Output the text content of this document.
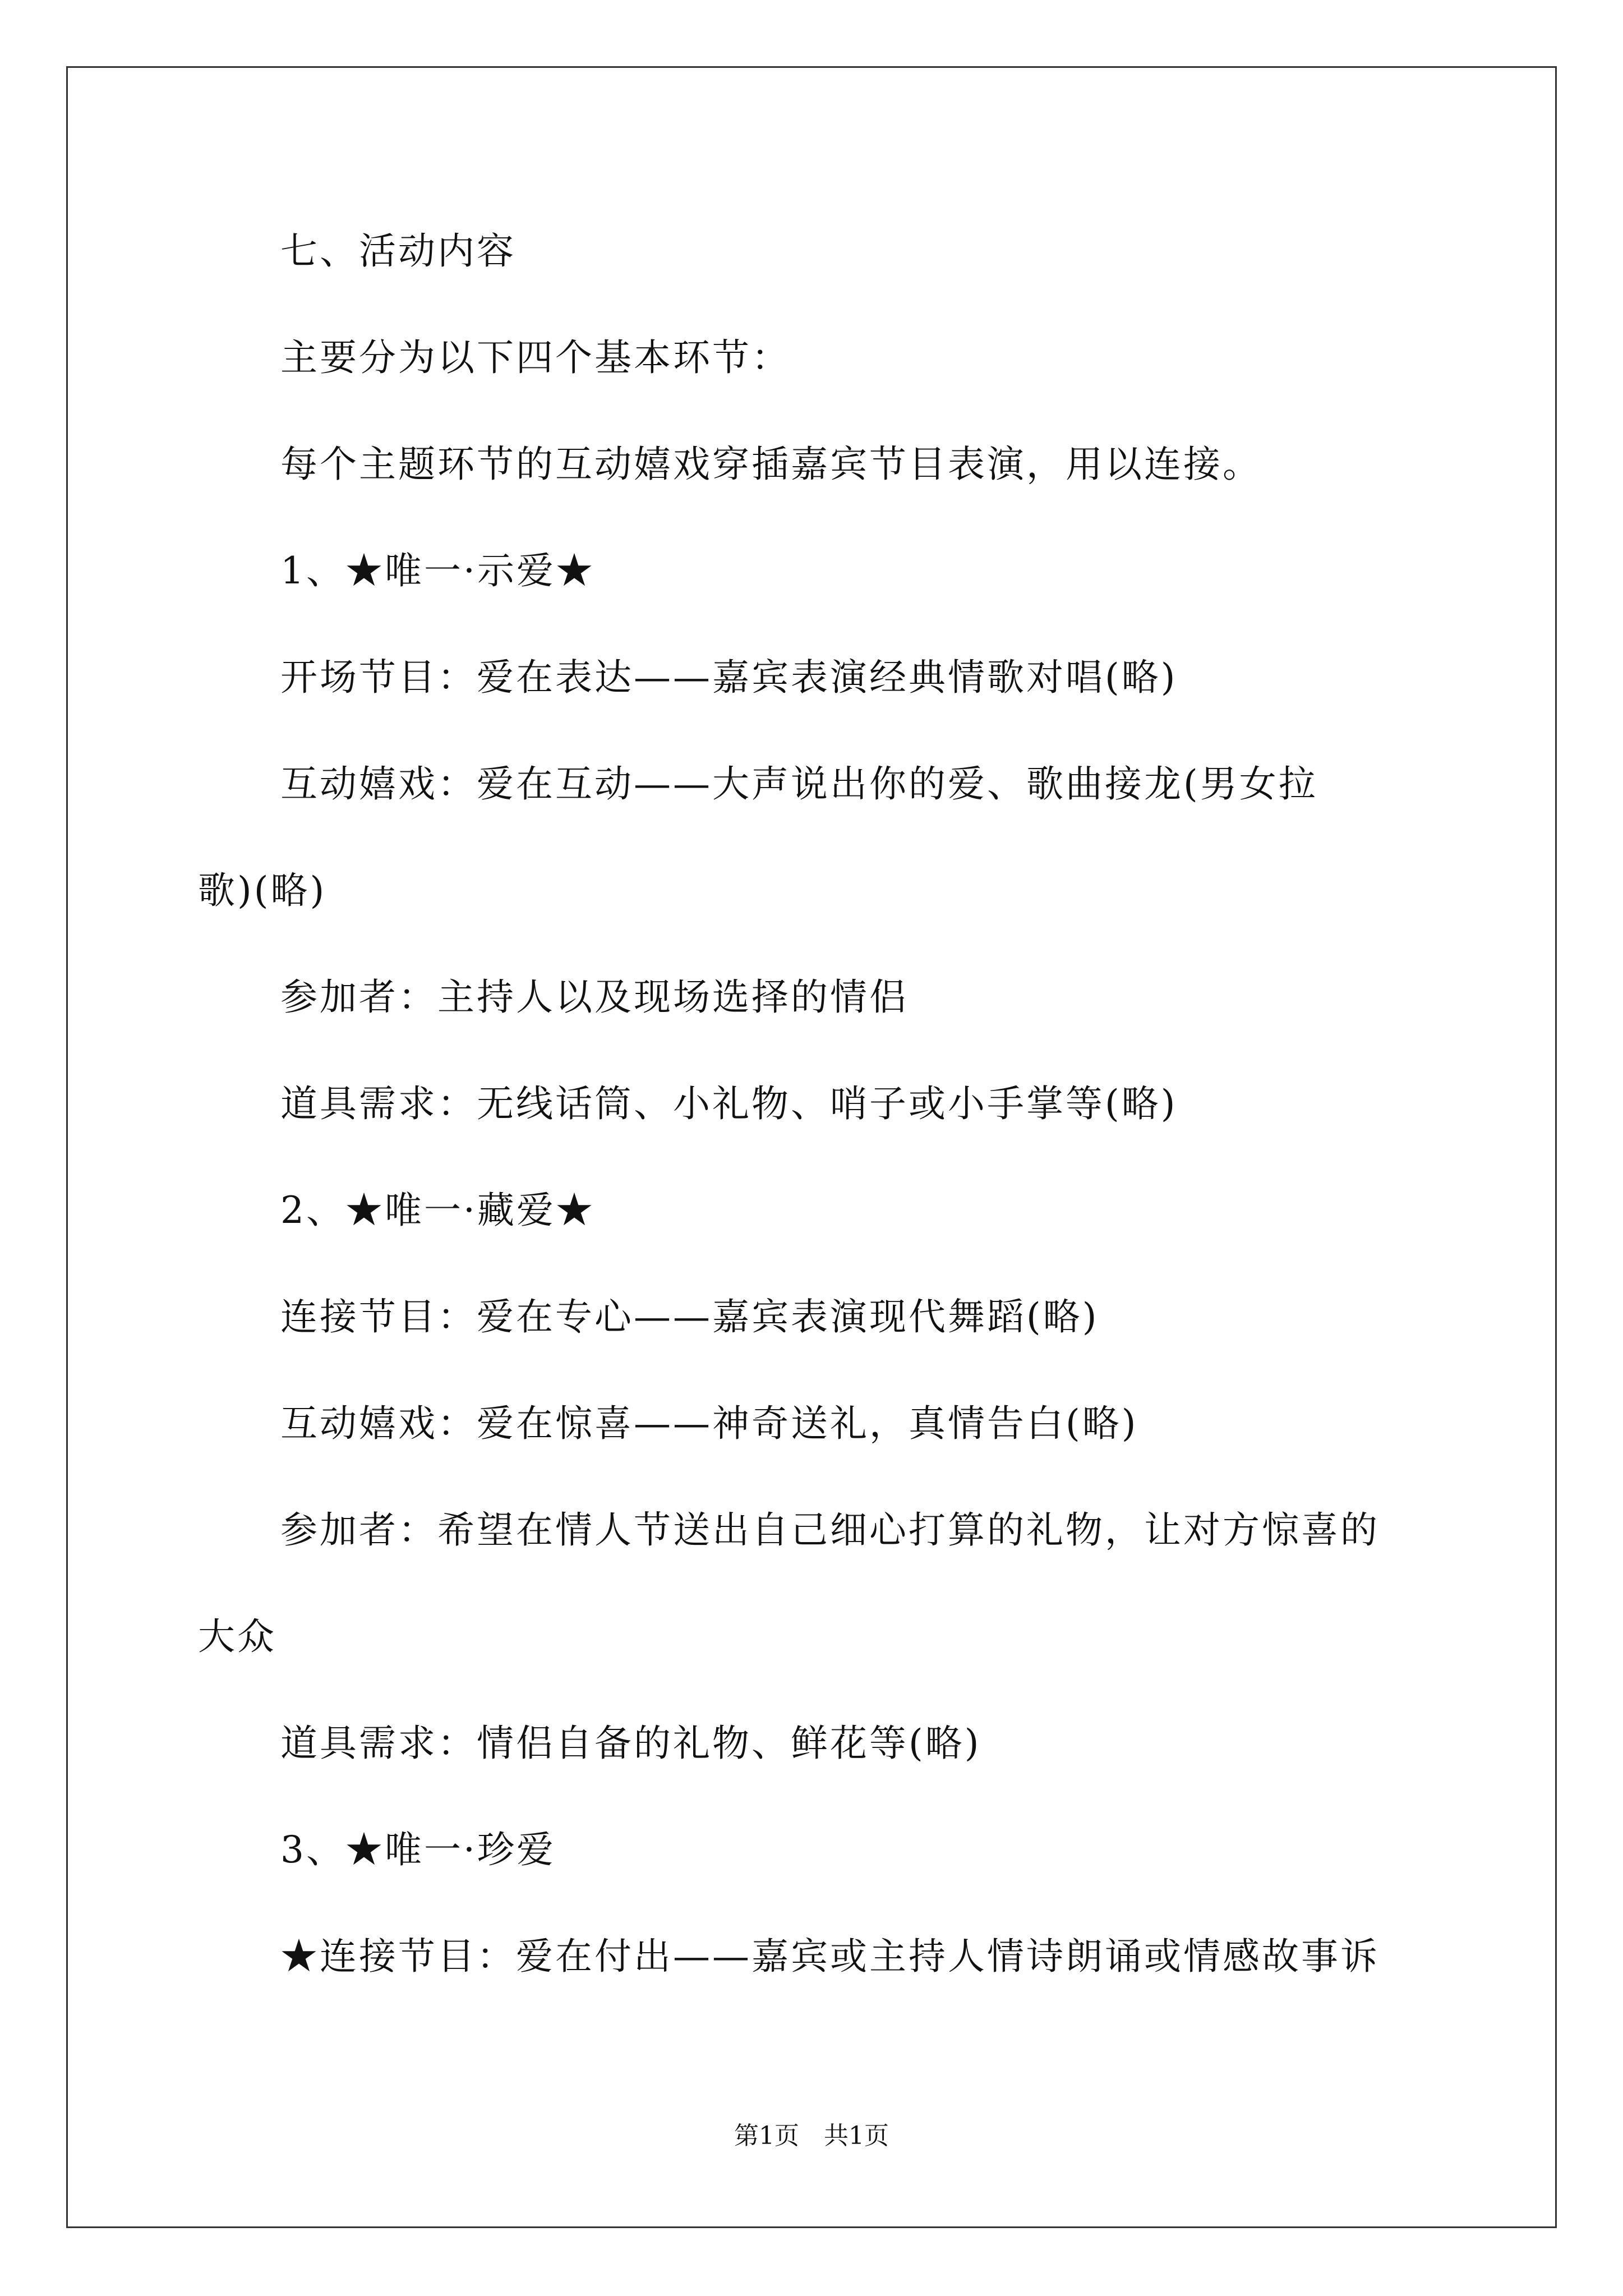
七、活动内容
主要分为以下四个基本环节：
每个主题环节的互动嬉戏穿插嘉宾节目表演，用以连接。
1、★唯一·示爱★
开场节目：爱在表达——嘉宾表演经典情歌对唱(略)
互动嬉戏：爱在互动——大声说出你的爱、歌曲接龙(男女拉
歌)(略)
参加者：主持人以及现场选择的情侣
道具需求：无线话筒、小礼物、哨子或小手掌等(略)
2、★唯一·藏爱★
连接节目：爱在专心——嘉宾表演现代舞蹈(略)
互动嬉戏：爱在惊喜——神奇送礼，真情告白(略)
参加者：希望在情人节送出自己细心打算的礼物，让对方惊喜的
大众
道具需求：情侣自备的礼物、鲜花等(略)
3、★唯一·珍爱
★连接节目：爱在付出——嘉宾或主持人情诗朗诵或情感故事诉
第1页　共1页
